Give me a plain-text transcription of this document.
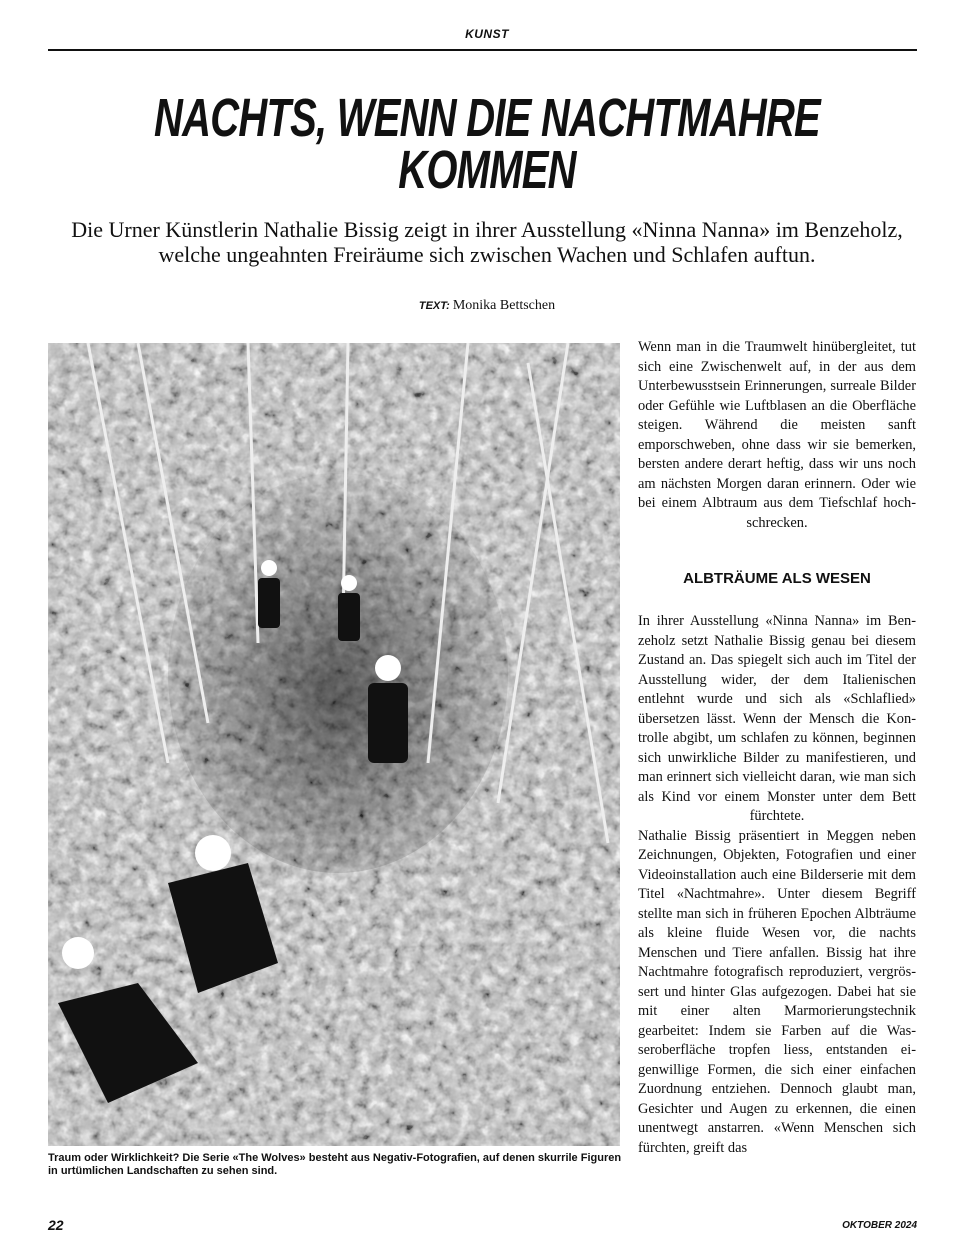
KUNST
NACHTS, WENN DIE NACHTMAHRE
KOMMEN
Die Urner Künstlerin Nathalie Bissig zeigt in ihrer Ausstellung «Ninna Nanna» im Benzeholz, welche ungeahnten Freiräume sich zwischen Wachen und Schlafen auftun.
TEXT: Monika Bettschen
Traum oder Wirklichkeit? Die Serie «The Wolves» besteht aus Negativ-Fotografien, auf denen skurrile Figuren in urtümlichen Landschaften zu sehen sind.

Wenn man in die Traumwelt hinübergleitet, tut sich eine Zwischenwelt auf, in der aus dem Unterbewusstsein Erinnerungen, surreale Bilder oder Gefühle wie Luftblasen an die Oberfläche steigen. Während die meisten sanft emporschweben, ohne dass wir sie bemerken, bersten andere derart heftig, dass wir uns noch am nächsten Morgen daran erinnern. Oder wie bei einem Albtraum aus dem Tiefschlaf hochschrecken.

ALBTRÄUME ALS WESEN

In ihrer Ausstellung «Ninna Nanna» im Benzeholz setzt Nathalie Bissig genau bei diesem Zustand an. Das spiegelt sich auch im Titel der Ausstellung wider, der dem Italienischen entlehnt wurde und sich als «Schlaflied» übersetzen lässt. Wenn der Mensch die Kontrolle abgibt, um schlafen zu können, beginnen sich unwirkliche Bilder zu manifestieren, und man erinnert sich vielleicht daran, wie man sich als Kind vor einem Monster unter dem Bett fürchtete.

Nathalie Bissig präsentiert in Meggen neben Zeichnungen, Objekten, Fotografien und einer Videoinstallation auch eine Bilderserie mit dem Titel «Nachtmahre». Unter diesem Begriff stellte man sich in früheren Epochen Albträume als kleine fluide Wesen vor, die nachts Menschen und Tiere anfallen. Bissig hat ihre Nachtmahre fotografisch reproduziert, vergrössert und hinter Glas aufgezogen. Dabei hat sie mit einer alten Marmorierungstechnik gearbeitet: Indem sie Farben auf die Wasseroberfläche tropfen liess, entstanden eigenwillige Formen, die sich einer einfachen Zuordnung entziehen. Dennoch glaubt man, Gesichter und Augen zu erkennen, die einen unentwegt anstarren. «Wenn Menschen sich fürchten, greift das

22	OKTOBER 2024
